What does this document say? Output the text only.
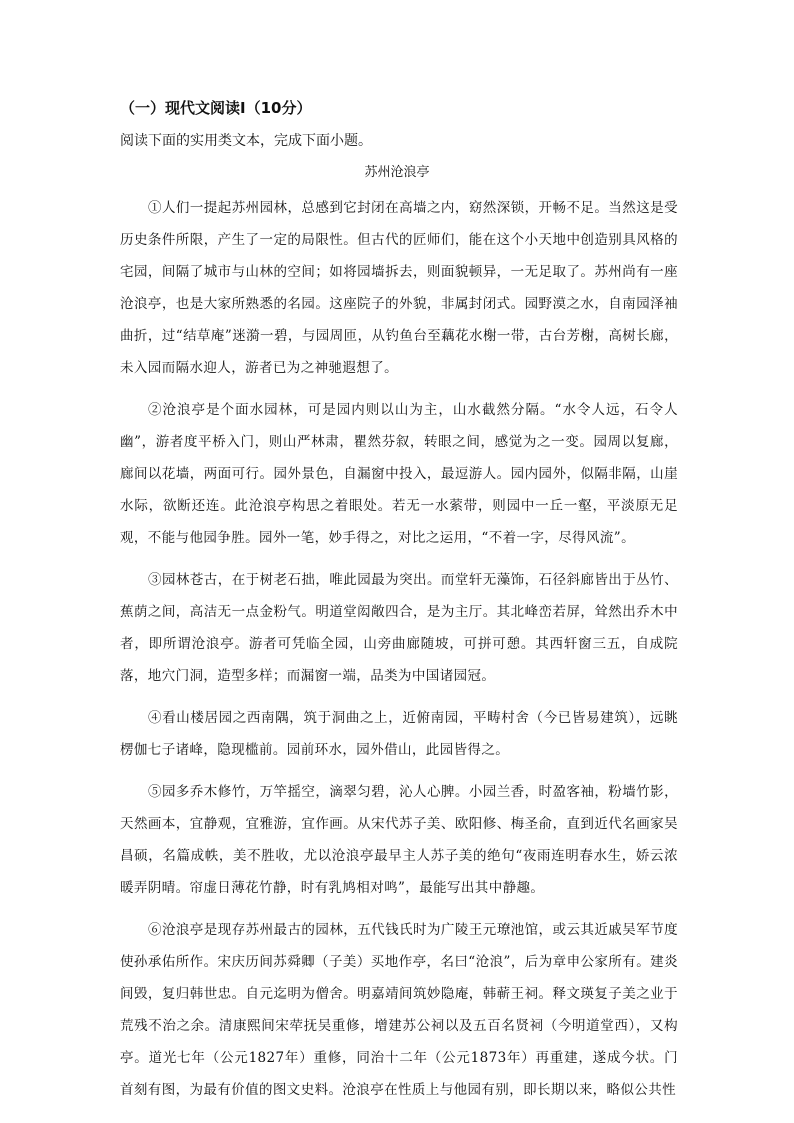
（一）现代文阅读Ⅰ（10分）
阅读下面的实用类文本，完成下面小题。
苏州沧浪亭

①人们一提起苏州园林，总感到它封闭在高墙之内，窈然深锁，开畅不足。当然这是受历史条件所限，产生了一定的局限性。但古代的匠师们，能在这个小天地中创造别具风格的宅园，间隔了城市与山林的空间；如将园墙拆去，则面貌顿异，一无足取了。苏州尚有一座沧浪亭，也是大家所熟悉的名园。这座院子的外貌，非属封闭式。园野漠之水，自南园泽袖曲折，过“结草庵”迷漪一碧，与园周匝，从钓鱼台至藕花水榭一带，古台芳榭，高树长廊，未入园而隔水迎人，游者已为之神驰遐想了。

②沧浪亭是个面水园林，可是园内则以山为主，山水截然分隔。“水令人远，石令人幽”，游者度平桥入门，则山严林肃，瞿然芬叙，转眼之间，感觉为之一变。园周以复廊，廊间以花墙，两面可行。园外景色，自漏窗中投入，最逗游人。园内园外，似隔非隔，山崖水际，欲断还连。此沧浪亭构思之着眼处。若无一水萦带，则园中一丘一壑，平淡原无足观，不能与他园争胜。园外一笔，妙手得之，对比之运用，“不着一字，尽得风流”。

③园林苍古，在于树老石拙，唯此园最为突出。而堂轩无藻饰，石径斜廊皆出于丛竹、蕉荫之间，高洁无一点金粉气。明道堂闳敞四合，是为主厅。其北峰峦若屏，耸然出乔木中者，即所谓沧浪亭。游者可凭临全园，山旁曲廊随坡，可拼可憩。其西轩窗三五，自成院落，地穴门洞，造型多样；而漏窗一端，品类为中国诸园冠。

④看山楼居园之西南隅，筑于洞曲之上，近俯南园，平畴村舍（今已皆易建筑），远眺楞伽七子诸峰，隐现槛前。园前环水，园外借山，此园皆得之。

⑤园多乔木修竹，万竿摇空，滴翠匀碧，沁人心脾。小园兰香，时盈客袖，粉墙竹影，天然画本，宜静观，宜雅游，宜作画。从宋代苏子美、欧阳修、梅圣俞，直到近代名画家吴昌硕，名篇成帙，美不胜收，尤以沧浪亭最早主人苏子美的绝句“夜雨连明春水生，娇云浓暖弄阴晴。帘虚日薄花竹静，时有乳鸠相对鸣”，最能写出其中静趣。

⑥沧浪亭是现存苏州最古的园林，五代钱氏时为广陵王元璙池馆，或云其近戚吴军节度使孙承佑所作。宋庆历间苏舜卿（子美）买地作亭，名曰“沧浪”，后为章申公家所有。建炎间毁，复归韩世忠。自元迄明为僧舍。明嘉靖间筑妙隐庵，韩蕲王祠。释文瑛复子美之业于荒残不治之余。清康熙间宋荦抚吴重修，增建苏公祠以及五百名贤祠（今明道堂西），又构亭。道光七年（公元1827年）重修，同治十二年（公元1873年）再重建，遂成今状。门首刻有图，为最有价值的图文史料。沧浪亭在性质上与他园有别，即长期以来，略似公共性
